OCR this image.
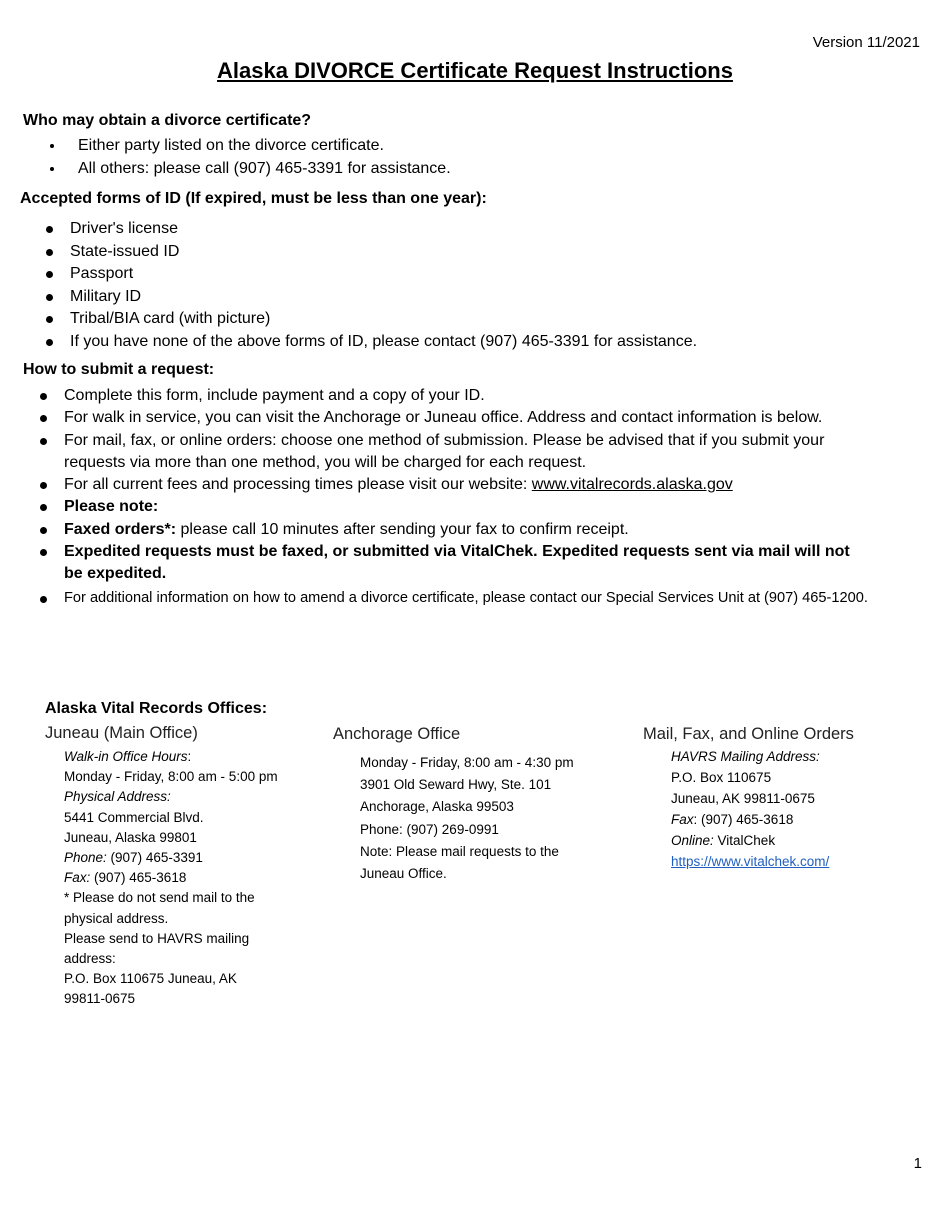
Version 11/2021
Alaska DIVORCE Certificate Request Instructions
Who may obtain a divorce certificate?
Either party listed on the divorce certificate.
All others: please call (907) 465-3391 for assistance.
Accepted forms of ID (If expired, must be less than one year):
Driver's license
State-issued ID
Passport
Military ID
Tribal/BIA card (with picture)
If you have none of the above forms of ID, please contact (907) 465-3391 for assistance.
How to submit a request:
Complete this form, include payment and a copy of your ID.
For walk in service, you can visit the Anchorage or Juneau office. Address and contact information is below.
For mail, fax, or online orders: choose one method of submission. Please be advised that if you submit your requests via more than one method, you will be charged for each request.
For all current fees and processing times please visit our website: www.vitalrecords.alaska.gov
Please note:
Faxed orders*: please call 10 minutes after sending your fax to confirm receipt.
Expedited requests must be faxed, or submitted via VitalChek. Expedited requests sent via mail will not be expedited.
For additional information on how to amend a divorce certificate, please contact our Special Services Unit at (907) 465-1200.
Alaska Vital Records Offices:
Juneau (Main Office)
Walk-in Office Hours:
Monday - Friday, 8:00 am - 5:00 pm
Physical Address:
5441 Commercial Blvd.
Juneau, Alaska 99801
Phone: (907) 465-3391
Fax: (907) 465-3618
* Please do not send mail to the physical address.
Please send to HAVRS mailing address:
P.O. Box 110675 Juneau, AK 99811-0675
Anchorage Office
Monday - Friday, 8:00 am - 4:30 pm
3901 Old Seward Hwy, Ste. 101
Anchorage, Alaska 99503
Phone: (907) 269-0991
Note: Please mail requests to the Juneau Office.
Mail, Fax, and Online Orders
HAVRS Mailing Address:
P.O. Box 110675
Juneau, AK 99811-0675
Fax: (907) 465-3618
Online: VitalChek
https://www.vitalchek.com/
1
